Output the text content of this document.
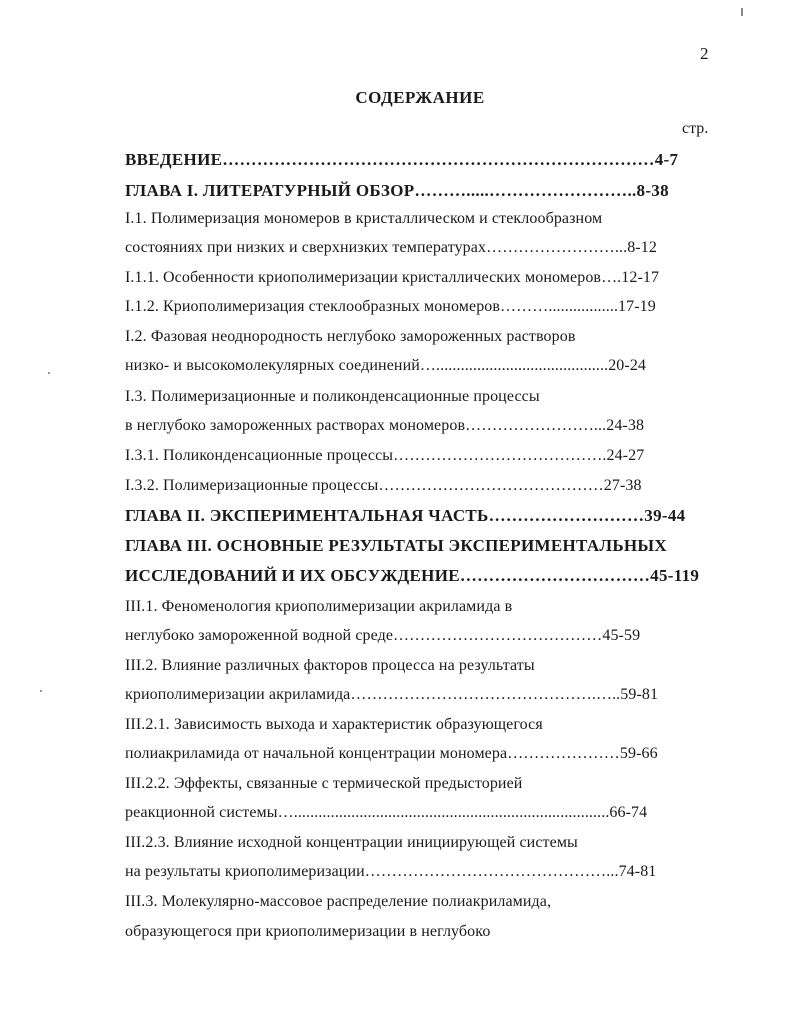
2
СОДЕРЖАНИЕ
стр.
ВВЕДЕНИЕ…………………………………………………………………4-7
ГЛАВА I. ЛИТЕРАТУРНЫЙ ОБЗОР……….....……………………..8-38
I.1. Полимеризация мономеров в кристаллическом и стеклообразном
состояниях при низких и сверхнизких температурах……………………...8-12
I.1.1. Особенности криополимеризации кристаллических мономеров….12-17
I.1.2. Криополимеризация стеклообразных мономеров……….................17-19
I.2. Фазовая неоднородность неглубоко замороженных растворов
низко- и высокомолекулярных соединений…..........................................20-24
I.3. Полимеризационные и поликонденсационные процессы
в неглубоко замороженных растворах мономеров……………………...24-38
I.3.1. Поликонденсационные процессы………………………………….24-27
I.3.2. Полимеризационные процессы……………………………………27-38
ГЛАВА II. ЭКСПЕРИМЕНТАЛЬНАЯ ЧАСТЬ………………………39-44
ГЛАВА III. ОСНОВНЫЕ РЕЗУЛЬТАТЫ ЭКСПЕРИМЕНТАЛЬНЫХ
ИССЛЕДОВАНИЙ И ИХ ОБСУЖДЕНИЕ……………………………45-119
III.1. Феноменология криополимеризации акриламида в
неглубоко замороженной водной среде…………………………………45-59
III.2. Влияние различных факторов процесса на результаты
криополимеризации акриламида……………………………………….…..59-81
III.2.1. Зависимость выхода и характеристик образующегося
полиакриламида от начальной концентрации мономера…………………59-66
III.2.2. Эффекты, связанные с термической предысторией
реакционной системы….............................................................................66-74
III.2.3. Влияние исходной концентрации инициирующей системы
на результаты криополимеризации………………………………………...74-81
III.3. Молекулярно-массовое распределение полиакриламида,
образующегося при криополимеризации в неглубоко
